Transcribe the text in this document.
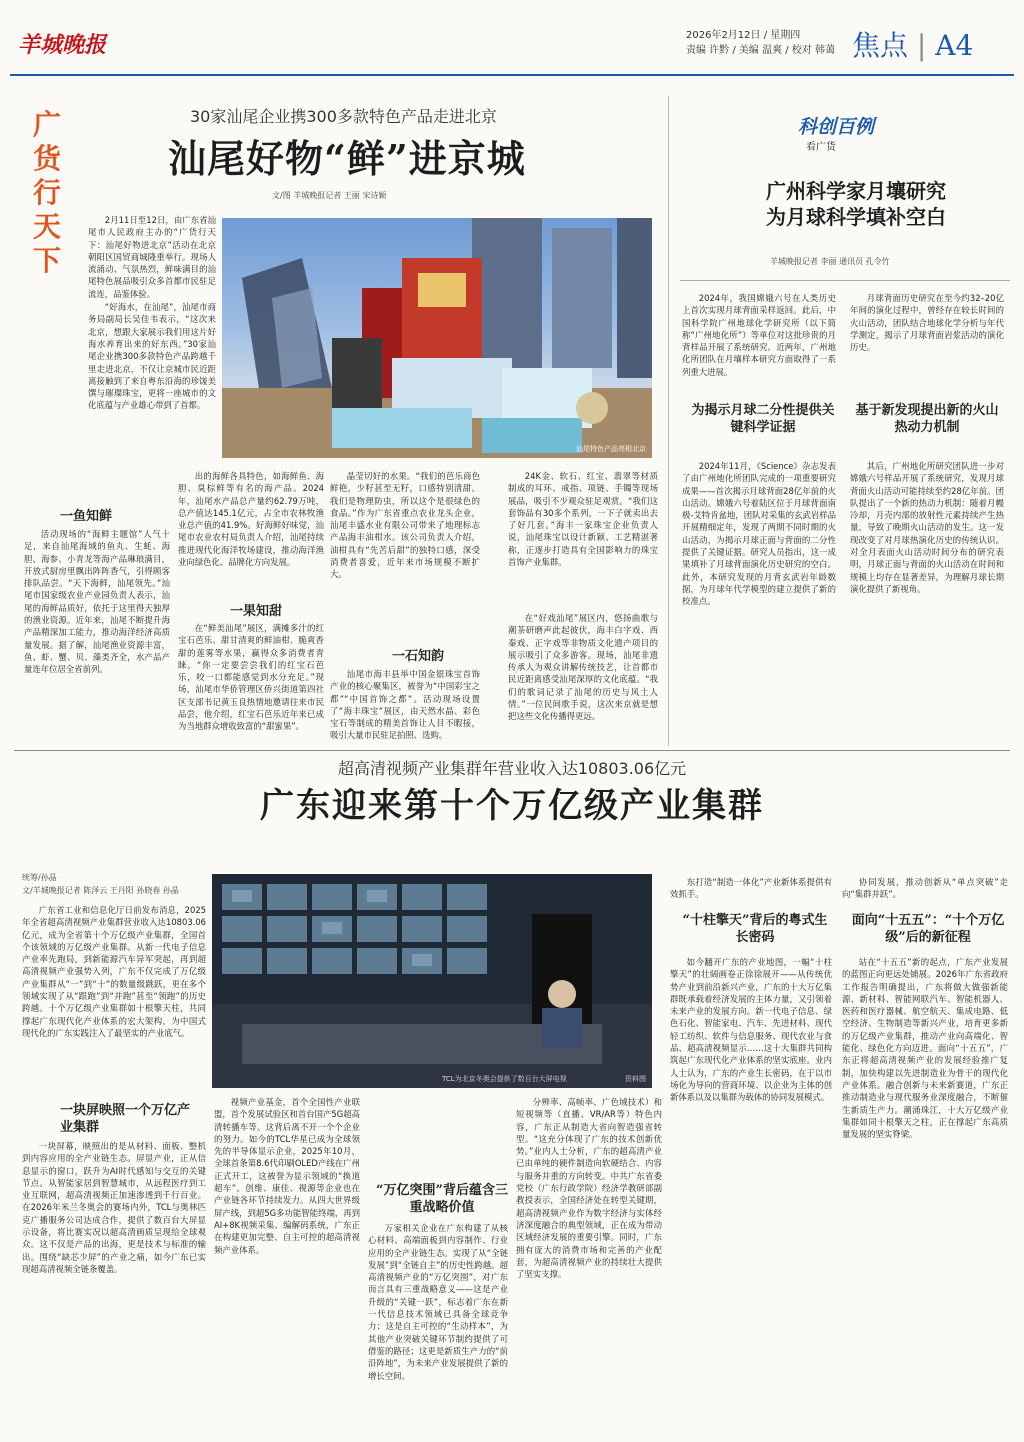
羊城晚报	2026年2月12日 / 星期四
责编 许黔 / 美编 温爽 / 校对 韩蔼 焦点 | A4
广货行天下
30家汕尾企业携300多款特色产品走进北京
汕尾好物“鲜”进京城
文/图 羊城晚报记者 王丽 宋诗颖

2月11日至12日，由广东省汕尾市人民政府主办的“广货行天下：汕尾好物进北京”活动在北京朝阳区国贸商城隆重举行。现场人流涌动、气氛热烈，鲜味满目的汕尾特色展品吸引众多首都市民驻足流连，品鉴体验。

“好海水，在汕尾”，汕尾市商务局副局长吴佳韦表示，“这次来北京，想跟大家展示我们用这片好海水养育出来的好东西。”30家汕尾企业携300多款特色产品跨越千里走进北京，不仅让京城市民近距离接触到了来自粤东沿海的珍馐美馔与璀璨珠宝，更将一座城市的文化底蕴与产业雄心带到了首都。

汕尾特色产品亮相北京
一鱼知鲜

活动现场的“海鲜主题馆”人气十足，来自汕尾海域的鱼丸、生蚝、海胆、海参、小青龙等海产品琳琅满目，开放式厨房里飘出阵阵香气，引得顾客排队品尝。“天下海鲜，汕尾领先。”汕尾市国家级农业产业园负责人表示，汕尾的海鲜品质好，依托于这里得天独厚的渔业资源。近年来，汕尾不断提升海产品精深加工能力，推动海洋经济高质量发展。据了解，汕尾渔业资源丰富，鱼、虾、蟹、贝、藻类齐全，水产品产量连年位居全省前列。

出的海鲜各具特色，如海鲜鱼、海胆、臭棕鲜等有名的海产品。2024年，汕尾水产品总产量约62.79万吨，总产值达145.1亿元，占全市农林牧渔业总产值的41.9%。好海鲜好味觉，汕尾市农业农村局负责人介绍，汕尾持续推进现代化海洋牧场建设，推动海洋渔业向绿色化、品牌化方向发展。

一果知甜

在“鲜美汕尾”展区，满摊多汁的红宝石芭乐、甜甘清爽的鲜油柑、脆爽香甜的莲雾等水果，赢得众多消费者青睐。“你一定要尝尝我们的红宝石芭乐，咬一口都能感觉到水分充足。”现场，汕尾市华侨管理区侨兴街道第四社区支部书记黄玉良热情地邀请往来市民品尝，他介绍，红宝石芭乐近年来已成为当地群众增收致富的“甜蜜果”。

晶莹切好的水果。“我们的芭乐商色鲜艳，少籽甚至无籽，口感特别清甜。我们是物理防虫，所以这个是很绿色的食品。”作为广东省重点农业龙头企业，汕尾丰盛水业有限公司带来了地理标志产品海丰油柑水。该公司负责人介绍，油柑具有“先苦后甜”的独特口感，深受消费者喜爱，近年来市场规模不断扩大。

一石知韵

汕尾市海丰县举中国金银珠宝首饰产业的核心聚集区，被誉为“中国彩宝之都”“中国首饰之都”。活动现场设置了“海丰珠宝”展区，由天然水晶、彩色宝石等制成的精美首饰让人目不暇接，吸引大量市民驻足拍照、选购。

24K金、软石、红宝、翡翠等材质制成的耳环、戒指、项链、手镯等现场展品，吸引不少观众驻足观赏。“我们这套饰品有30多个系列，一下子就卖出去了好几套。”海丰一家珠宝企业负责人说，汕尾珠宝以设计新颖、工艺精湛著称，正逐步打造具有全国影响力的珠宝首饰产业集群。

在“好戏汕尾”展区内，悠扬曲歌与潮茶研磨声此起彼伏，海丰白字戏、西秦戏、正字戏等非物质文化遗产项目的展示吸引了众多游客。现场，汕尾非遗传承人为观众讲解传统技艺，让首都市民近距离感受汕尾深厚的文化底蕴。“我们的歌词记录了汕尾的历史与风土人情。”一位民间歌手说，这次来京就是想把这些文化传播得更远。

科创百例
看广货
广州科学家月壤研究
为月球科学填补空白
羊城晚报记者 李丽 通讯员 孔令竹

2024年，我国嫦娥六号在人类历史上首次实现月球背面采样返回。此后，中国科学院广州地球化学研究所（以下简称“广州地化所”）等单位对这批珍贵的月背样品开展了系统研究。近两年，广州地化所团队在月壤样本研究方面取得了一系列重大进展。

月球背面历史研究在至今约32–20亿年间的演化过程中，曾经存在较长时间的火山活动，团队结合地球化学分析与年代学测定，揭示了月球背面岩浆活动的演化历史。

为揭示月球二分性提供关键科学证据
基于新发现提出新的火山热动力机制

2024年11月，《Science》杂志发表了由广州地化所团队完成的一项重要研究成果——首次揭示月球背面28亿年前的火山活动。嫦娥六号着陆区位于月球背面南极-艾特肯盆地，团队对采集的玄武岩样品开展精细定年，发现了两期不同时期的火山活动，为揭示月球正面与背面的二分性提供了关键证据。研究人员指出，这一成果填补了月球背面演化历史研究的空白。此外，本研究发现的月背玄武岩年龄数据，为月球年代学模型的建立提供了新的校准点。

其后，广州地化所研究团队进一步对嫦娥六号样品开展了系统研究，发现月球背面火山活动可能持续至约28亿年前。团队提出了一个新的热动力机制：随着月幔冷却，月壳内部的放射性元素持续产生热量，导致了晚期火山活动的发生。这一发现改变了对月球热演化历史的传统认识。对全月表面火山活动时间分布的研究表明，月球正面与背面的火山活动在时间和规模上均存在显著差异，为理解月球长期演化提供了新视角。

超高清视频产业集群年营业收入达10803.06亿元
广东迎来第十个万亿级产业集群
统筹/孙晶
文/羊城晚报记者 陈泽云 王丹阳 孙晓春 孙晶

广东省工业和信息化厅日前发布消息，2025年全省超高清视频产业集群营业收入达10803.06亿元，成为全省第十个万亿级产业集群，全国首个该领域的万亿级产业集群。从新一代电子信息产业率先跑局，到新能源汽车异军突起，再到超高清视频产业强势入列，广东不仅完成了万亿级产业集群从“一”到“十”的数量级跳跃，更在多个领域实现了从“跟跑”到“并跑”甚至“领跑”的历史跨越。十个万亿级产业集群如十根擎天柱，共同撑起广东现代化产业体系的宏大架构，为中国式现代化的广东实践注入了最坚实的产业底气。

TCL为北京冬奥会提供了数百台大屏电视	资料图
一块屏映照一个万亿产业集群

一块屏幕，映照出的是从材料、面板、整机到内容应用的全产业链生态。屏显产业，正从信息显示的窗口，跃升为AI时代感知与交互的关键节点。从智能家居到智慧城市，从远程医疗到工业互联网，超高清视频正加速渗透到千行百业。在2026年米兰冬奥会的赛场内外，TCL与奥林匹克广播服务公司达成合作，提供了数百台大屏显示设备，将比赛实况以超高清画质呈现给全球观众。这不仅是产品的出海，更是技术与标准的输出。围绕“缺芯少屏”的产业之痛，如今广东已实现超高清视频全链条覆盖。

视频产业基金，首个全国性产业联盟，首个发展试验区和首台国产5G超高清转播车等。这背后离不开一个个企业的努力。如今的TCL华星已成为全球领先的半导体显示企业，2025年10月，全球首条第8.6代印刷OLED产线在广州正式开工，这被誉为显示领域的“换道超车”。创维、康佳、视源等企业也在产业链各环节持续发力。从四大世界级屏产线，到超5G多功能智能终端，再到AI+8K视频采集、编解码系统，广东正在构建更加完整、自主可控的超高清视频产业体系。

“万亿突围”背后蕴含三重战略价值

万家相关企业在广东构建了从核心材料、高端面板到内容制作、行业应用的全产业链生态。实现了从“全链发展”到“全链自主”的历史性跨越。超高清视频产业的“万亿突围”，对广东而言具有三重战略意义——这是产业升级的“关键一跃”，标志着广东在新一代信息技术领域已具备全球竞争力；这是自主可控的“生动样本”，为其他产业突破关键环节制约提供了可借鉴的路径；这更是新质生产力的“前沿阵地”，为未来产业发展提供了新的增长空间。

分辨率、高帧率、广色域技术）和短视频等（直播、VR/AR等）特色内容，广东正从制造大省向智造强省转型。“这充分体现了广东的技术创新优势。”业内人士分析，广东的超高清产业已由单纯的硬件制造向软硬结合、内容与服务并重的方向转变。中共广东省委党校（广东行政学院）经济学教研部副教授表示，全国经济处在转型关键期，超高清视频产业作为数字经济与实体经济深度融合的典型领域，正在成为带动区域经济发展的重要引擎。同时，广东拥有庞大的消费市场和完善的产业配套，为超高清视频产业的持续壮大提供了坚实支撑。

东打造“制造一体化”产业新体系提供有效抓手。

“十柱擎天”背后的粤式生长密码

如今翻开广东的产业地图，一幅“十柱擎天”的壮阔画卷正徐徐展开——从传统优势产业到前沿新兴产业，广东的十大万亿集群既承载着经济发展的主体力量，又引领着未来产业的发展方向。新一代电子信息、绿色石化、智能家电、汽车、先进材料、现代轻工纺织、软件与信息服务、现代农业与食品、超高清视频显示……这十大集群共同构筑起广东现代化产业体系的坚实底座。业内人士认为，广东的产业生长密码，在于以市场化为导向的营商环境、以企业为主体的创新体系以及以集群为载体的协同发展模式。

协同发展，推动创新从“单点突破”走向“集群并跃”。

面向“十五五”：“十个万亿级”后的新征程

站在“十五五”新的起点，广东产业发展的蓝图正向更远处铺展。2026年广东省政府工作报告明确提出，广东将做大做强新能源、新材料、智能网联汽车、智能机器人、医药和医疗器械、航空航天、集成电路、低空经济、生物制造等新兴产业，培育更多新的万亿级产业集群，推动产业向高端化、智能化、绿色化方向迈进。面向“十五五”，广东正将超高清视频产业的发展经验推广复制，加快构建以先进制造业为骨干的现代化产业体系。融合创新与未来新赛道，广东正推动制造业与现代服务业深度融合，不断催生新质生产力。潮涌珠江，十大万亿级产业集群如同十根擎天之柱，正在撑起广东高质量发展的坚实脊梁。
